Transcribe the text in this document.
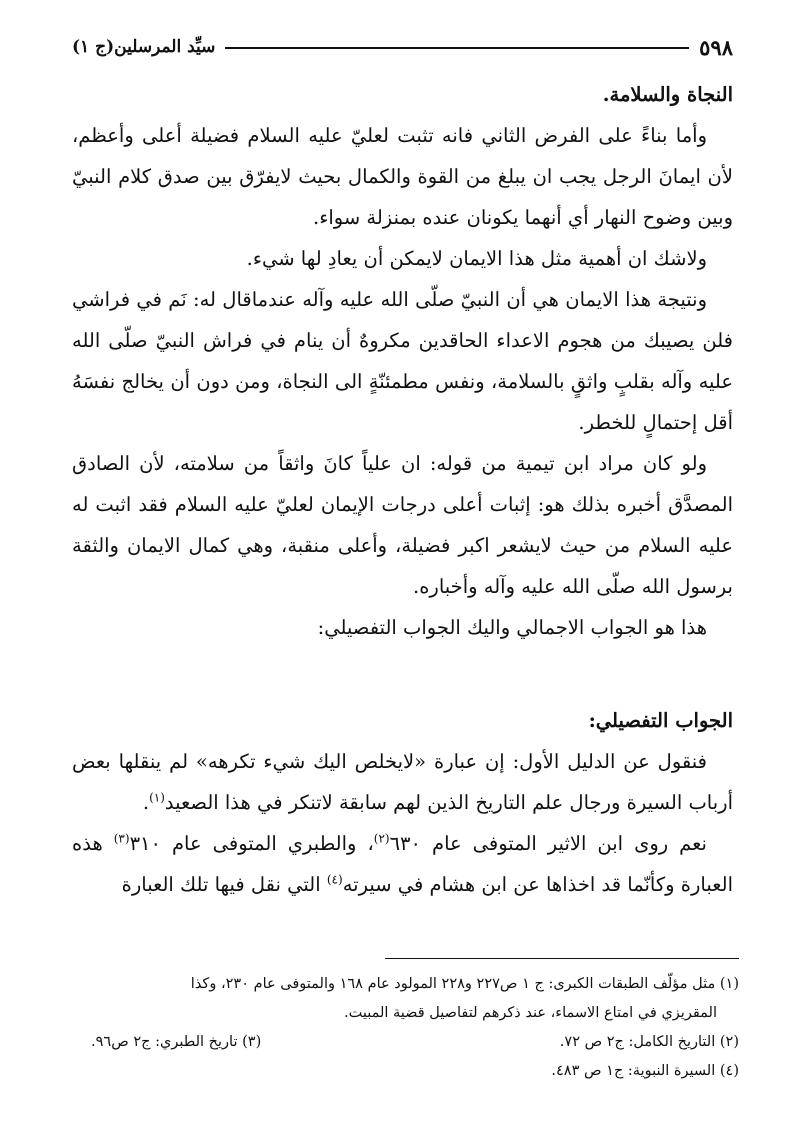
٥٩٨
سيِّد المرسلين(ج ١)

النجاة والسلامة.

وأما بناءً على الفرض الثاني فانه تثبت لعليّ عليه السلام فضيلة أعلى وأعظم، لأن ايمانَ الرجل يجب ان يبلغ من القوة والكمال بحيث لايفرّق بين صدق كلام النبيّ وبين وضوح النهار أي أنهما يكونان عنده بمنزلة سواء.

ولاشك ان أهمية مثل هذا الايمان لايمكن أن يعادِ لها شيء.

ونتيجة هذا الايمان هي أن النبيّ صلّى الله عليه وآله عندماقال له: نَم في فراشي فلن يصيبك من هجوم الاعداء الحاقدين مكروهٌ أن ينام في فراش النبيّ صلّى الله عليه وآله بقلبٍ واثقٍ بالسلامة، ونفس مطمئنّةٍ الى النجاة، ومن دون أن يخالج نفسَهُ أقل إحتمالٍ للخطر.

ولو كان مراد ابن تيمية من قوله: ان علياً كانَ واثقاً من سلامته، لأن الصادق المصدَّق أخبره بذلك هو: إثبات أعلى درجات الإيمان لعليّ عليه السلام فقد اثبت له عليه السلام من حيث لايشعر اكبر فضيلة، وأعلى منقبة، وهي كمال الايمان والثقة برسول الله صلّى الله عليه وآله وأخباره.

هذا هو الجواب الاجمالي واليك الجواب التفصيلي:

الجواب التفصيلي:

فنقول عن الدليل الأول: إن عبارة «لايخلص اليك شيء تكرهه» لم ينقلها بعض أرباب السيرة ورجال علم التاريخ الذين لهم سابقة لاتنكر في هذا الصعيد$^{(١)}$.

نعم روى ابن الاثير المتوفى عام ٦٣٠$^{(٢)}$، والطبري المتوفى عام ٣١٠$^{(٣)}$ هذه العبارة وكأنّما قد اخذاها عن ابن هشام في سيرته$^{(٤)}$ التي نقل فيها تلك العبارة

(١) مثل مؤلّف الطبقات الكبرى: ج ١ ص٢٢٧ و٢٢٨ المولود عام ١٦٨ والمتوفى عام ٢٣٠، وكذا

المقريزي في امتاع الاسماء، عند ذكرهم لتفاصيل قضية المبيت.

(٢) التاريخ الكامل: ج٢ ص ٧٢.
(٣) تاريخ الطبري: ج٢ ص٩٦.

(٤) السيرة النبوية: ج١ ص ٤٨٣.
